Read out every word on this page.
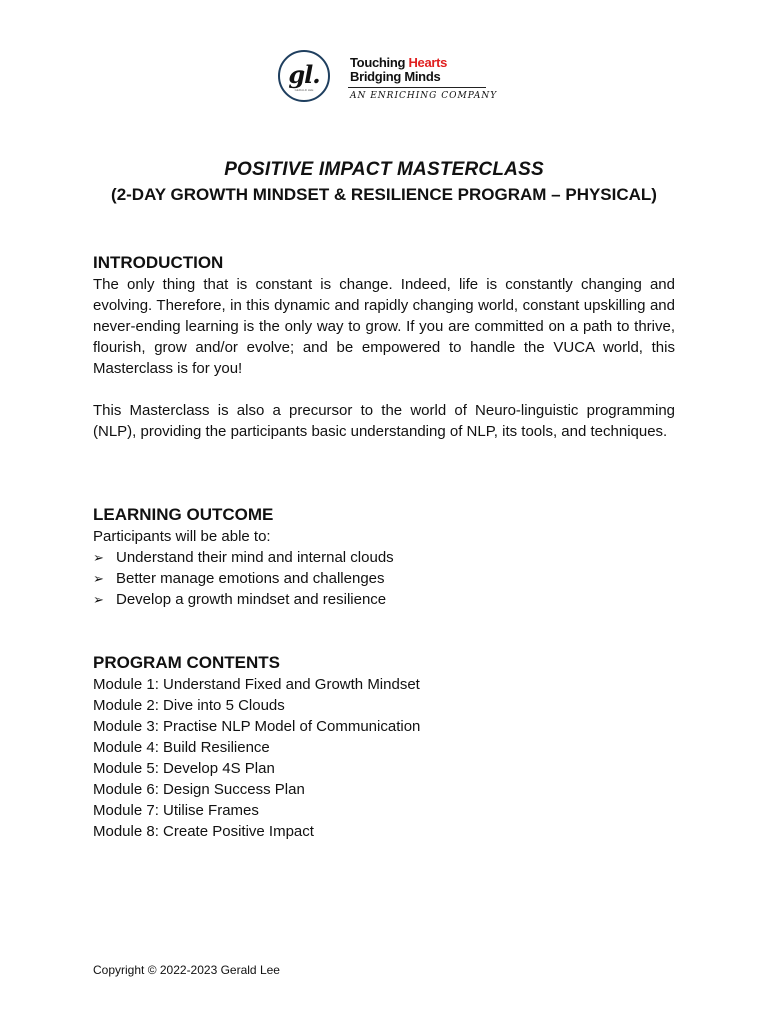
gl.
GERALD LEE
Touching Hearts
Bridging Minds
AN ENRICHING COMPANY
POSITIVE IMPACT MASTERCLASS
(2-DAY GROWTH MINDSET & RESILIENCE PROGRAM – PHYSICAL)
INTRODUCTION

The only thing that is constant is change. Indeed, life is constantly changing and evolving. Therefore, in this dynamic and rapidly changing world, constant upskilling and never-ending learning is the only way to grow. If you are committed on a path to thrive, flourish, grow and/or evolve; and be empowered to handle the VUCA world, this Masterclass is for you!

This Masterclass is also a precursor to the world of Neuro-linguistic programming (NLP), providing the participants basic understanding of NLP, its tools, and techniques.

LEARNING OUTCOME

Participants will be able to:

➢ Understand their mind and internal clouds
➢ Better manage emotions and challenges
➢ Develop a growth mindset and resilience
PROGRAM CONTENTS

Module 1: Understand Fixed and Growth Mindset

Module 2: Dive into 5 Clouds

Module 3: Practise NLP Model of Communication

Module 4: Build Resilience

Module 5: Develop 4S Plan

Module 6: Design Success Plan

Module 7: Utilise Frames

Module 8: Create Positive Impact

Copyright © 2022-2023 Gerald Lee
